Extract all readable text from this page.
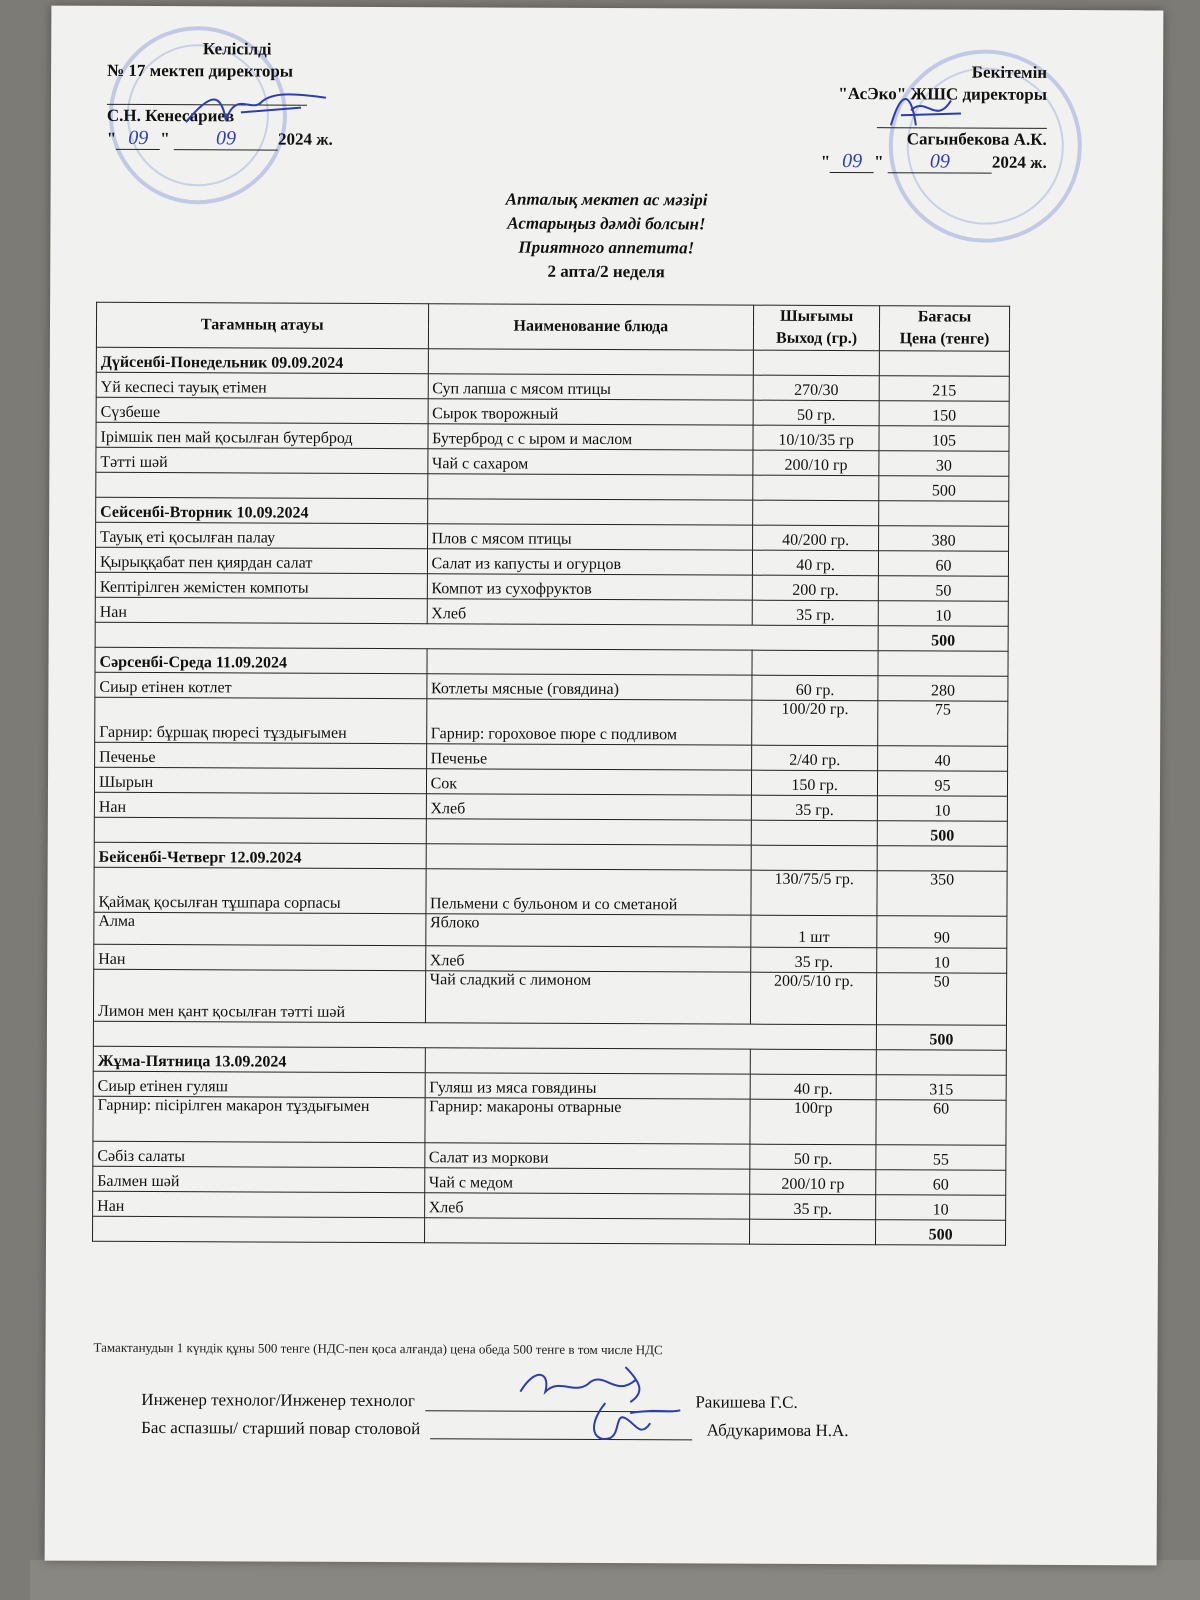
Келісілді
№ 17 мектеп директоры
С.Н. Кенесариев
" 09 " 09 2024 ж.
Бекітемін
"АсЭко" ЖШС директоры
Сагынбекова А.К.
" 09 " 09 2024 ж.
Апталық мектеп ас мәзірі
Астарыңыз дәмді болсын!
Приятного аппетита!
2 апта/2 неделя
Тағамның атауы	Наименование блюда	Шығымы	Бағасы
		Выход (гр.)	Цена (тенге)
Дүйсенбі-Понедельник 09.09.2024			
Үй кеспесі тауық етімен	Суп лапша с мясом птицы	270/30	215
Сүзбеше	Сырок творожный	50 гр.	150
Ірімшік пен май қосылған бутерброд	Бутерброд с с ыром и маслом	10/10/35 гр	105
Тәтті шәй	Чай с сахаром	200/10 гр	30
			500
Сейсенбі-Вторник 10.09.2024			
Тауық еті қосылған палау	Плов с мясом птицы	40/200 гр.	380
Қырыққабат пен қиярдан салат	Салат из капусты и огурцов	40 гр.	60
Кептірілген жемістен компоты	Компот из сухофруктов	200 гр.	50
Нан	Хлеб	35 гр.	10
			500
Сәрсенбі-Среда 11.09.2024			
Сиыр етінен котлет	Котлеты мясные (говядина)	60 гр.	280
Гарнир: бұршақ пюресі тұздығымен	Гарнир: гороховое пюре с подливом	100/20 гр.	75
Печенье	Печенье	2/40 гр.	40
Шырын	Сок	150 гр.	95
Нан	Хлеб	35 гр.	10
			500
Бейсенбі-Четверг 12.09.2024			
Қаймақ қосылған тұшпара сорпасы	Пельмени с бульоном и со сметаной	130/75/5 гр.	350
Алма	Яблоко	1 шт	90
Нан	Хлеб	35 гр.	10
Лимон мен қант қосылған тәтті шәй	Чай сладкий с лимоном	200/5/10 гр.	50
			500
Жұма-Пятница 13.09.2024			
Сиыр етінен гуляш	Гуляш из мяса говядины	40 гр.	315
Гарнир: пісірілген макарон тұздығымен	Гарнир: макароны отварные	100гр	60
Сәбіз салаты	Салат из моркови	50 гр.	55
Балмен шәй	Чай с медом	200/10 гр	60
Нан	Хлеб	35 гр.	10
			500
Тамактанудын 1 күндік құны 500 тенге (НДС-пен қоса алғанда) цена обеда 500 тенге в том числе НДС
Инженер технолог/Инженер технолог	Ракишева Г.С.
Бас аспазшы/ старший повар столовой	Абдукаримова Н.А.
